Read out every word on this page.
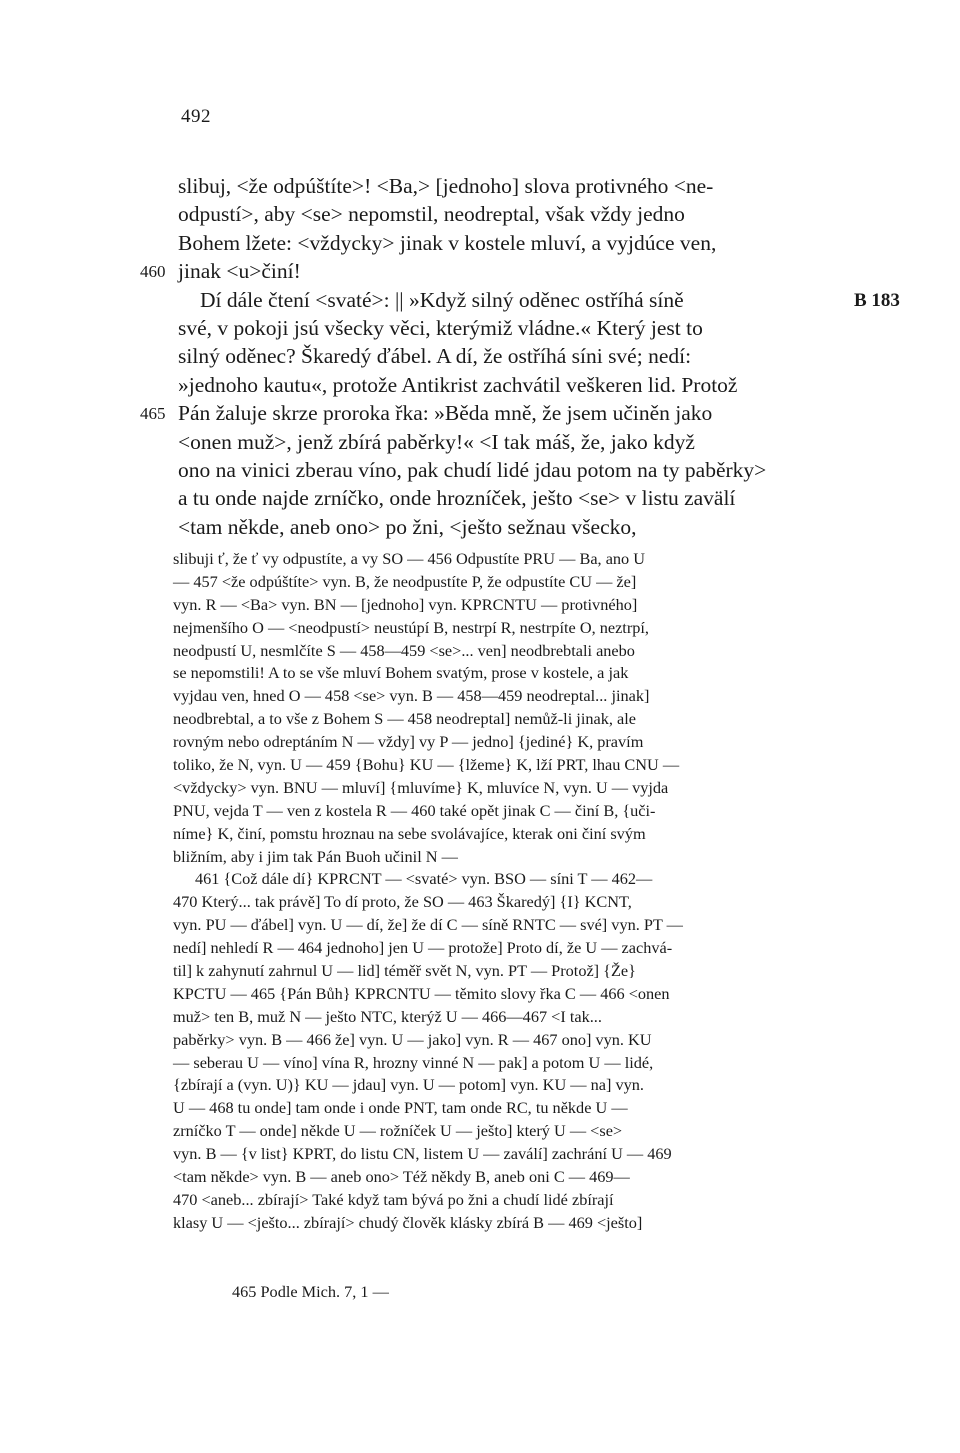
492
slibuj, <že odpúštíte>! <Ba,> [jednoho] slova protivného <ne-
odpustí>, aby <se> nepomstil, neodreptal, však vždy jedno
Bohem lžete: <vždycky> jinak v kostele mluví, a vyjdúce ven,
460 jinak <u>činí!
Dí dále čtení <svaté>: || »Když silný oděnec ostříhá síně	B 183
své, v pokoji jsú všecky věci, kterýmiž vládne.« Který jest to
silný oděnec? Škaredý ďábel. A dí, že ostříhá síni své; nedí:
»jednoho kautu«, protože Antikrist zachvátil veškeren lid. Protož
465 Pán žaluje skrze proroka řka: »Běda mně, že jsem učiněn jako
<onen muž>, jenž zbírá paběrky!« <I tak máš, že, jako když
ono na vinici zberau víno, pak chudí lidé jdau potom na ty paběrky>
a tu onde najde zrníčko, onde hrozníček, ješto <se> v listu zavälí
<tam někde, aneb ono> po žni, <ješto sežnau všecko,
slibuji ť, že ť vy odpustíte, a vy SO — 456 Odpustíte PRU — Ba, ano U
— 457 <že odpúštíte> vyn. B, že neodpustíte P, že odpustíte CU — že]
vyn. R — <Ba> vyn. BN — [jednoho] vyn. KPRCNTU — protivného]
nejmenšího O — <neodpustí> neustúpí B, nestrpí R, nestrpíte O, neztrpí,
neodpustí U, nesmlčíte S — 458—459 <se>... ven] neodbrebtali anebo
se nepomstili! A to se vše mluví Bohem svatým, prose v kostele, a jak
vyjdau ven, hned O — 458 <se> vyn. B — 458—459 neodreptal... jinak]
neodbrebtal, a to vše z Bohem S — 458 neodreptal] nemůž-li jinak, ale
rovným nebo odreptáním N — vždy] vy P — jedno] {jediné} K, pravím
toliko, že N, vyn. U — 459 {Bohu} KU — {lžeme} K, lží PRT, lhau CNU —
<vždycky> vyn. BNU — mluví] {mluvíme} K, mluvíce N, vyn. U — vyjda
PNU, vejda T — ven z kostela R — 460 také opět jinak C — činí B, {uči-
níme} K, činí, pomstu hroznau na sebe svolávajíce, kterak oni činí svým
bližním, aby i jim tak Pán Buoh učinil N —
461 {Což dále dí} KPRCNT — <svaté> vyn. BSO — síni T — 462—
470 Který... tak právě] To dí proto, že SO — 463 Škaredý] {I} KCNT,
vyn. PU — ďábel] vyn. U — dí, že] že dí C — síně RNTC — své] vyn. PT —
nedí] nehledí R — 464 jednoho] jen U — protože] Proto dí, že U — zachvá-
til] k zahynutí zahrnul U — lid] téměř svět N, vyn. PT — Protož] {Že}
KPCTU — 465 {Pán Bůh} KPRCNTU — těmito slovy řka C — 466 <onen
muž> ten B, muž N — ješto NTC, kterýž U — 466—467 <I tak...
paběrky> vyn. B — 466 že] vyn. U — jako] vyn. R — 467 ono] vyn. KU
— seberau U — víno] vína R, hrozny vinné N — pak] a potom U — lidé,
{zbírají a (vyn. U)} KU — jdau] vyn. U — potom] vyn. KU — na] vyn.
U — 468 tu onde] tam onde i onde PNT, tam onde RC, tu někde U —
zrníčko T — onde] někde U — rožníček U — ješto] který U — <se>
vyn. B — {v list} KPRT, do listu CN, listem U — zaválí] zachrání U — 469
<tam někde> vyn. B — aneb ono> Též někdy B, aneb oni C — 469—
470 <aneb... zbírají> Také když tam bývá po žni a chudí lidé zbírají
klasy U — <ješto... zbírají> chudý člověk klásky zbírá B — 469 <ješto]
465 Podle Mich. 7, 1 —
